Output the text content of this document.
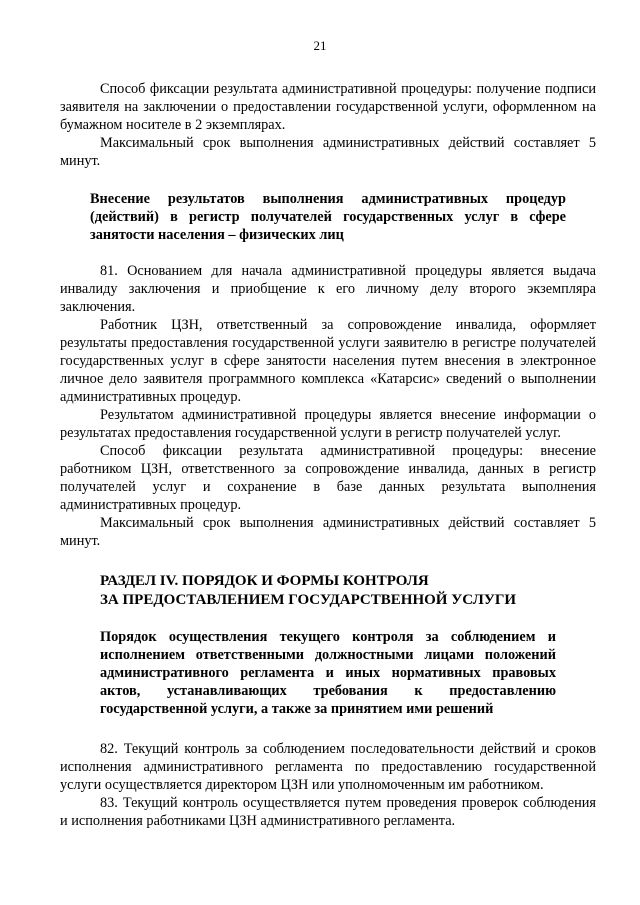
21

Способ фиксации результата административной процедуры: получение подписи заявителя на заключении о предоставлении государственной услуги, оформленном на бумажном носителе в 2 экземплярах.

Максимальный срок выполнения административных действий составляет 5 минут.

Внесение результатов выполнения административных процедур (действий) в регистр получателей государственных услуг в сфере занятости населения – физических лиц

81. Основанием для начала административной процедуры является выдача инвалиду заключения и приобщение к его личному делу второго экземпляра заключения.

Работник ЦЗН, ответственный за сопровождение инвалида, оформляет результаты предоставления государственной услуги заявителю в регистре получателей государственных услуг в сфере занятости населения путем внесения в электронное личное дело заявителя программного комплекса «Катарсис» сведений о выполнении административных процедур.

Результатом административной процедуры является внесение информации о результатах предоставления государственной услуги в регистр получателей услуг.

Способ фиксации результата административной процедуры: внесение работником ЦЗН, ответственного за сопровождение инвалида, данных в регистр получателей услуг и сохранение в базе данных результата выполнения административных процедур.

Максимальный срок выполнения административных действий составляет 5 минут.

РАЗДЕЛ IV. ПОРЯДОК И ФОРМЫ КОНТРОЛЯ

ЗА ПРЕДОСТАВЛЕНИЕМ ГОСУДАРСТВЕННОЙ УСЛУГИ

Порядок осуществления текущего контроля за соблюдением и исполнением ответственными должностными лицами положений административного регламента и иных нормативных правовых актов, устанавливающих требования к предоставлению государственной услуги, а также за принятием ими решений

82. Текущий контроль за соблюдением последовательности действий и сроков исполнения административного регламента по предоставлению государственной услуги осуществляется директором ЦЗН или уполномоченным им работником.

83. Текущий контроль осуществляется путем проведения проверок соблюдения и исполнения работниками ЦЗН административного регламента.
